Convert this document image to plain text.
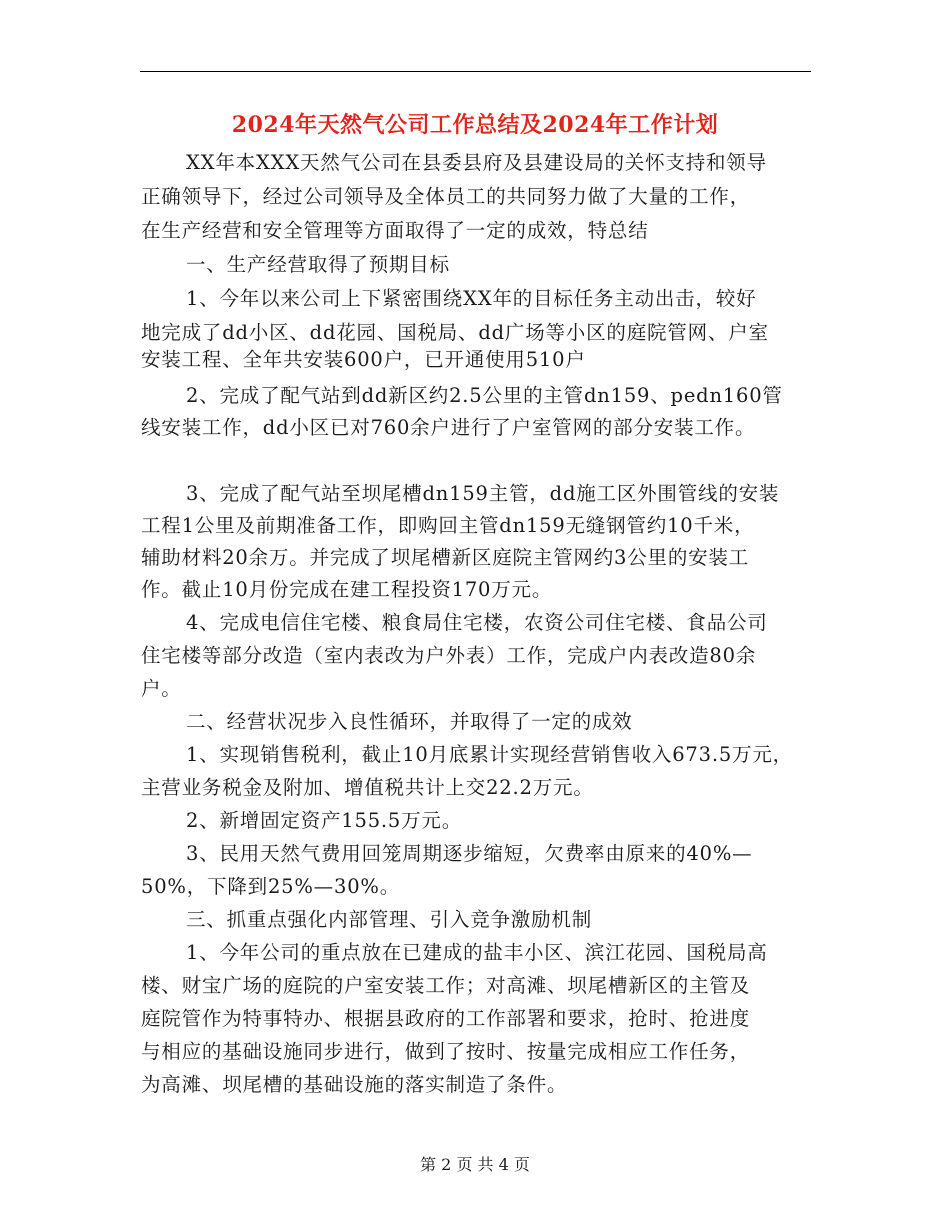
2024年天然气公司工作总结及2024年工作计划
XX年本XXX天然气公司在县委县府及县建设局的关怀支持和领导
正确领导下，经过公司领导及全体员工的共同努力做了大量的工作，
在生产经营和安全管理等方面取得了一定的成效，特总结
一、生产经营取得了预期目标
1、今年以来公司上下紧密围绕XX年的目标任务主动出击，较好
地完成了dd小区、dd花园、国税局、dd广场等小区的庭院管网、户室
安装工程、全年共安装600户，已开通使用510户
2、完成了配气站到dd新区约2.5公里的主管dn159、pedn160管
线安装工作，dd小区已对760余户进行了户室管网的部分安装工作。
3、完成了配气站至坝尾槽dn159主管，dd施工区外围管线的安装
工程1公里及前期准备工作，即购回主管dn159无缝钢管约10千米，
辅助材料20余万。并完成了坝尾槽新区庭院主管网约3公里的安装工
作。截止10月份完成在建工程投资170万元。
4、完成电信住宅楼、粮食局住宅楼，农资公司住宅楼、食品公司
住宅楼等部分改造（室内表改为户外表）工作，完成户内表改造80余
户。
二、经营状况步入良性循环，并取得了一定的成效
1、实现销售税利，截止10月底累计实现经营销售收入673.5万元，
主营业务税金及附加、增值税共计上交22.2万元。
2、新增固定资产155.5万元。
3、民用天然气费用回笼周期逐步缩短，欠费率由原来的40%—
50%，下降到25%—30%。
三、抓重点强化内部管理、引入竞争激励机制
1、今年公司的重点放在已建成的盐丰小区、滨江花园、国税局高
楼、财宝广场的庭院的户室安装工作；对高滩、坝尾槽新区的主管及
庭院管作为特事特办、根据县政府的工作部署和要求，抢时、抢进度
与相应的基础设施同步进行，做到了按时、按量完成相应工作任务，
为高滩、坝尾槽的基础设施的落实制造了条件。
第 2 页 共 4 页
